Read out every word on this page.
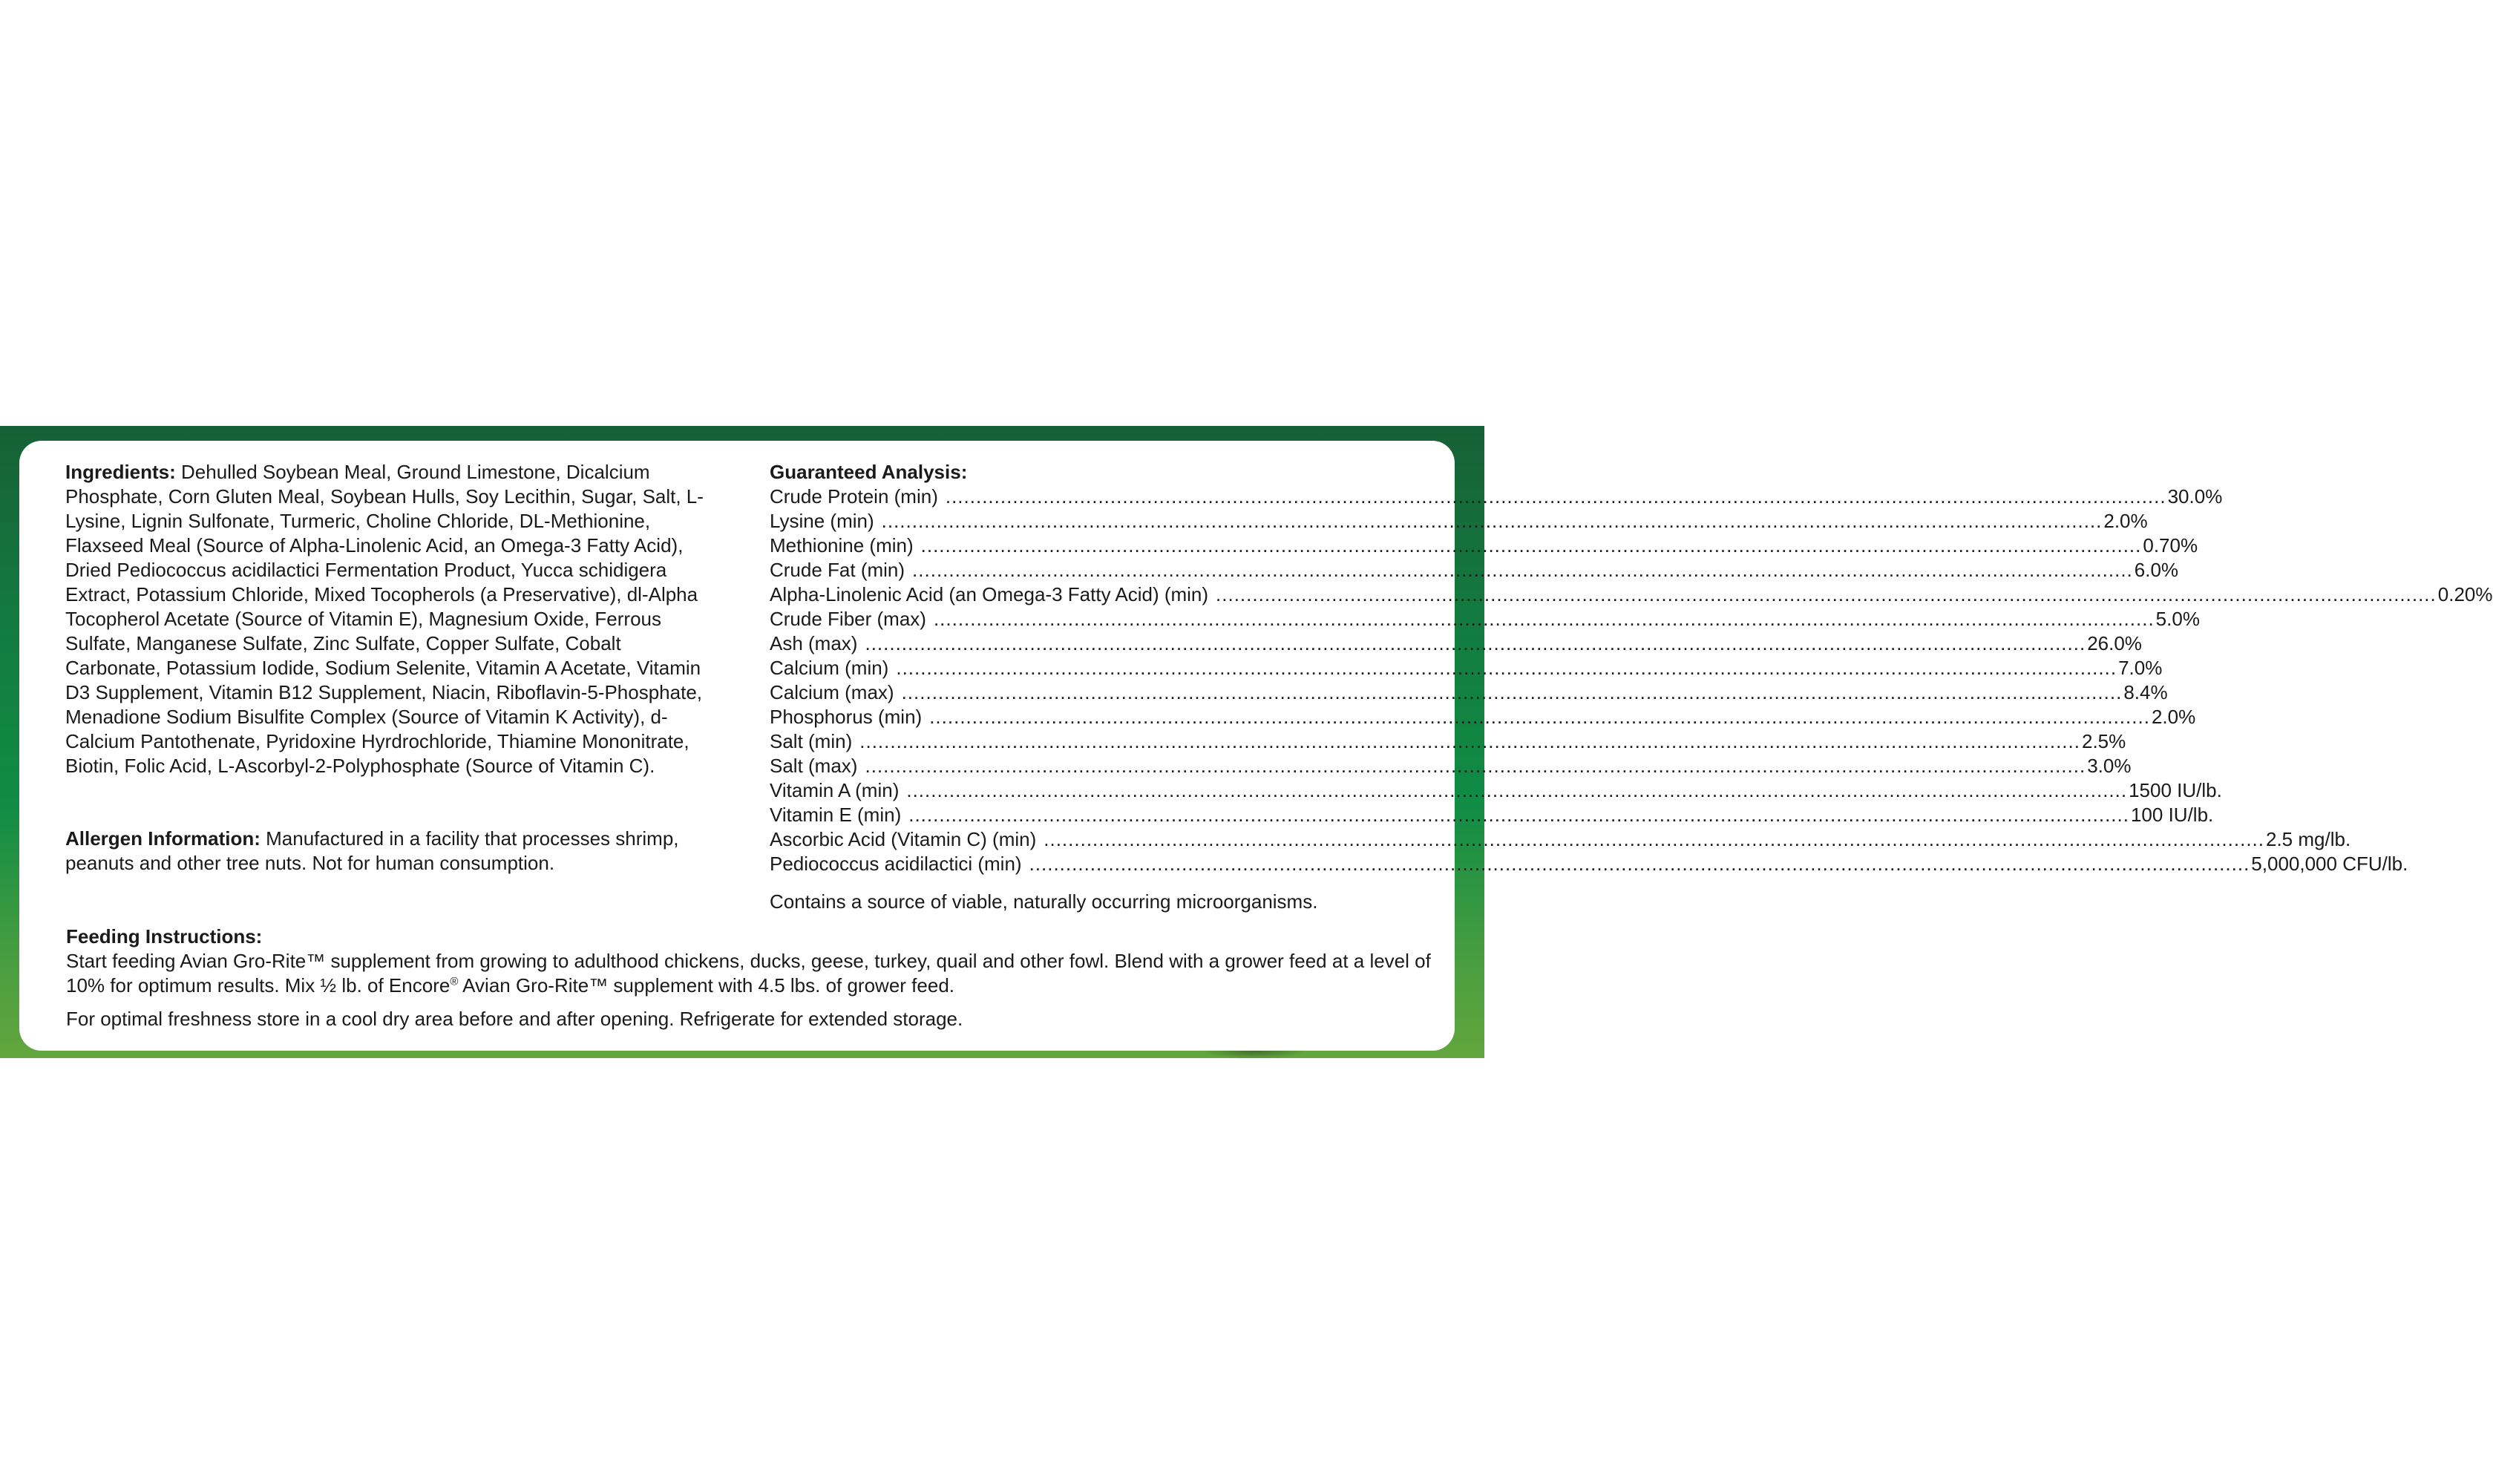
Ingredients: Dehulled Soybean Meal, Ground Limestone, Dicalcium Phosphate, Corn Gluten Meal, Soybean Hulls, Soy Lecithin, Sugar, Salt, L-Lysine, Lignin Sulfonate, Turmeric, Choline Chloride, DL-Methionine, Flaxseed Meal (Source of Alpha-Linolenic Acid, an Omega-3 Fatty Acid), Dried Pediococcus acidilactici Fermentation Product, Yucca schidigera Extract, Potassium Chloride, Mixed Tocopherols (a Preservative), dl-Alpha Tocopherol Acetate (Source of Vitamin E), Magnesium Oxide, Ferrous Sulfate, Manganese Sulfate, Zinc Sulfate, Copper Sulfate, Cobalt Carbonate, Potassium Iodide, Sodium Selenite, Vitamin A Acetate, Vitamin D3 Supplement, Vitamin B12 Supplement, Niacin, Riboflavin-5-Phosphate, Menadione Sodium Bisulfite Complex (Source of Vitamin K Activity), d-Calcium Pantothenate, Pyridoxine Hyrdrochloride, Thiamine Mononitrate, Biotin, Folic Acid, L-Ascorbyl-2-Polyphosphate (Source of Vitamin C).

Allergen Information: Manufactured in a facility that processes shrimp, peanuts and other tree nuts. Not for human consumption.

Guaranteed Analysis:
Crude Protein (min) ........................................................................................................................................................................................................ 30.0%
Lysine (min) ........................................................................................................................................................................................................ 2.0%
Methionine (min) ........................................................................................................................................................................................................ 0.70%
Crude Fat (min) ........................................................................................................................................................................................................ 6.0%
Alpha-Linolenic Acid (an Omega-3 Fatty Acid) (min) ........................................................................................................................................................................................................ 0.20%
Crude Fiber (max) ........................................................................................................................................................................................................ 5.0%
Ash (max) ........................................................................................................................................................................................................ 26.0%
Calcium (min) ........................................................................................................................................................................................................ 7.0%
Calcium (max) ........................................................................................................................................................................................................ 8.4%
Phosphorus (min) ........................................................................................................................................................................................................ 2.0%
Salt (min) ........................................................................................................................................................................................................ 2.5%
Salt (max) ........................................................................................................................................................................................................ 3.0%
Vitamin A (min) ........................................................................................................................................................................................................ 1500 IU/lb.
Vitamin E (min) ........................................................................................................................................................................................................ 100 IU/lb.
Ascorbic Acid (Vitamin C) (min) ........................................................................................................................................................................................................ 2.5 mg/lb.
Pediococcus acidilactici (min) ........................................................................................................................................................................................................ 5,000,000 CFU/lb.
Contains a source of viable, naturally occurring microorganisms.
Feeding Instructions:
Start feeding Avian Gro-Rite™ supplement from growing to adulthood chickens, ducks, geese, turkey, quail and other fowl. Blend with a grower feed at a level of 10% for optimum results. Mix ½ lb. of Encore® Avian Gro-Rite™ supplement with 4.5 lbs. of grower feed.

For optimal freshness store in a cool dry area before and after opening. Refrigerate for extended storage.
